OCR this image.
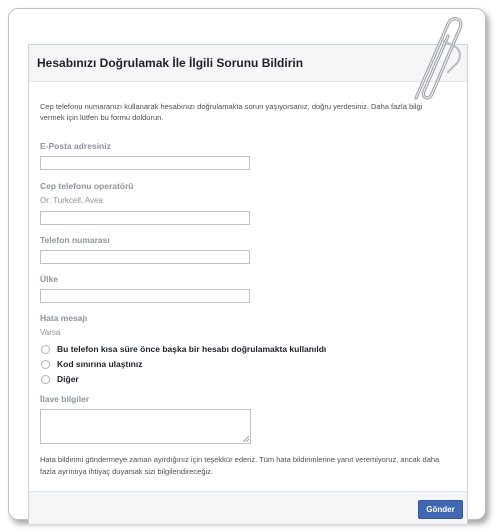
Hesabınızı Doğrulamak İle İlgili Sorunu Bildirin
Cep telefonu numaranızı kullanarak hesabınızı doğrulamakta sorun yaşıyorsanız, doğru yerdesiniz. Daha fazla bilgi vermek için lütfen bu formu doldurun.
E-Posta adresiniz
Cep telefonu operatörü
Or: Turkcell, Avea
Telefon numarası
Ülke
Hata mesajı
Varsa
Bu telefon kısa süre önce başka bir hesabı doğrulamakta kullanıldı
Kod sınırına ulaştınız
Diğer
İlave bilgiler
Hata bildirimi göndermeye zaman ayırdığınız için teşekkür ederiz. Tüm hata bildirimlerine yanıt veremiyoruz, ancak daha fazla ayrıntıya ihtiyaç duyarsak sizi bilgilendireceğiz.
Gönder
